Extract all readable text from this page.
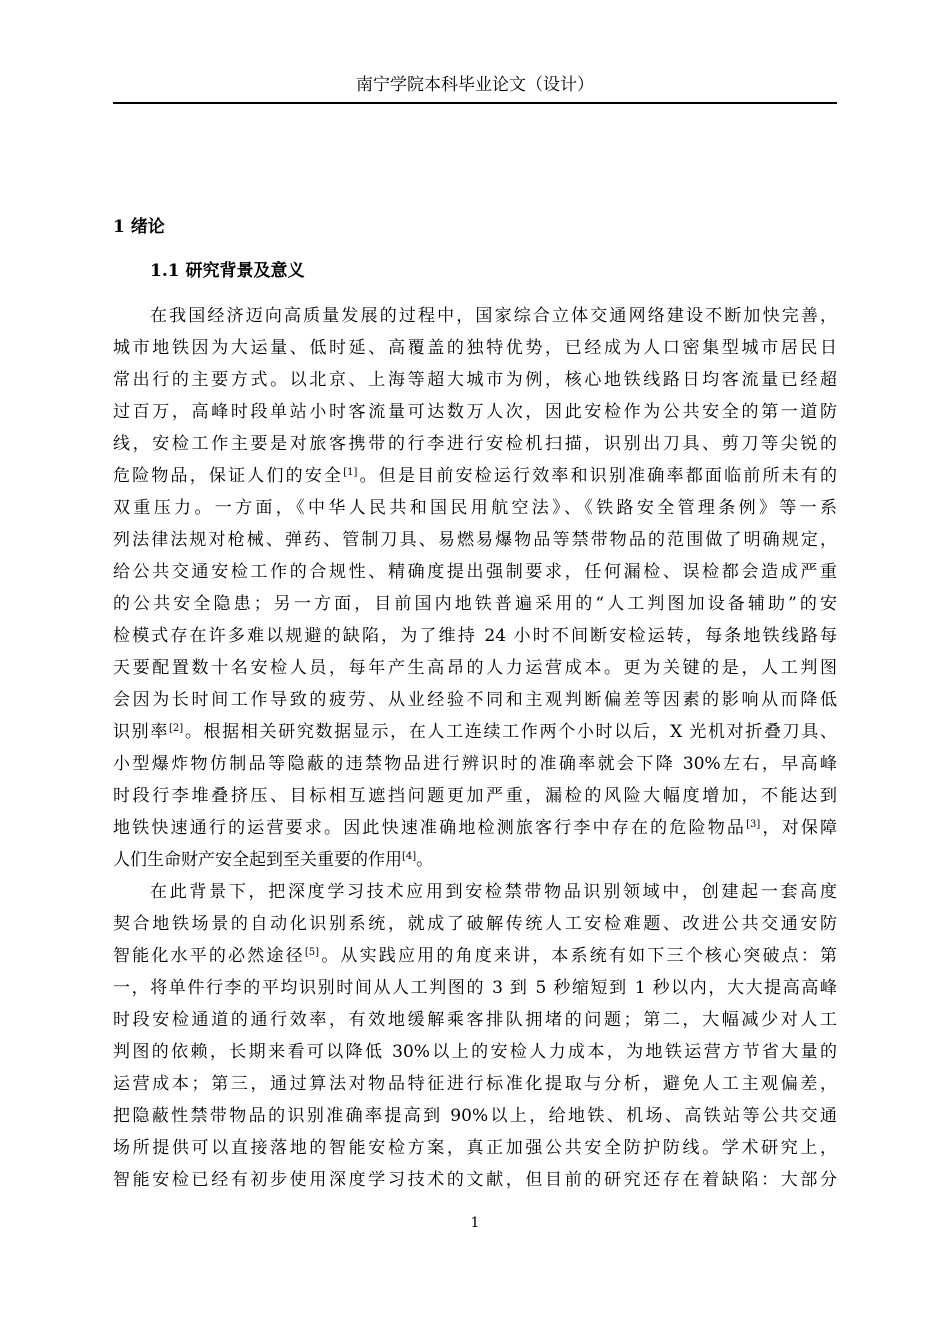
南宁学院本科毕业论文（设计）
1 绪论
1.1 研究背景及意义
在我国经济迈向高质量发展的过程中，国家综合立体交通网络建设不断加快完善，
城市地铁因为大运量、低时延、高覆盖的独特优势，已经成为人口密集型城市居民日
常出行的主要方式。以北京、上海等超大城市为例，核心地铁线路日均客流量已经超
过百万，高峰时段单站小时客流量可达数万人次，因此安检作为公共安全的第一道防
线，安检工作主要是对旅客携带的行李进行安检机扫描，识别出刀具、剪刀等尖锐的
危险物品，保证人们的安全[1]。但是目前安检运行效率和识别准确率都面临前所未有的
双重压力。一方面，《中华人民共和国民用航空法》、《铁路安全管理条例》等一系
列法律法规对枪械、弹药、管制刀具、易燃易爆物品等禁带物品的范围做了明确规定，
给公共交通安检工作的合规性、精确度提出强制要求，任何漏检、误检都会造成严重
的公共安全隐患；另一方面，目前国内地铁普遍采用的“人工判图加设备辅助”的安
检模式存在许多难以规避的缺陷，为了维持 24 小时不间断安检运转，每条地铁线路每
天要配置数十名安检人员，每年产生高昂的人力运营成本。更为关键的是，人工判图
会因为长时间工作导致的疲劳、从业经验不同和主观判断偏差等因素的影响从而降低
识别率[2]。根据相关研究数据显示，在人工连续工作两个小时以后，X 光机对折叠刀具、
小型爆炸物仿制品等隐蔽的违禁物品进行辨识时的准确率就会下降 30%左右，早高峰
时段行李堆叠挤压、目标相互遮挡问题更加严重，漏检的风险大幅度增加，不能达到
地铁快速通行的运营要求。因此快速准确地检测旅客行李中存在的危险物品[3]，对保障
人们生命财产安全起到至关重要的作用[4]。
在此背景下，把深度学习技术应用到安检禁带物品识别领域中，创建起一套高度
契合地铁场景的自动化识别系统，就成了破解传统人工安检难题、改进公共交通安防
智能化水平的必然途径[5]。从实践应用的角度来讲，本系统有如下三个核心突破点：第
一，将单件行李的平均识别时间从人工判图的 3 到 5 秒缩短到 1 秒以内，大大提高高峰
时段安检通道的通行效率，有效地缓解乘客排队拥堵的问题；第二，大幅减少对人工
判图的依赖，长期来看可以降低 30%以上的安检人力成本，为地铁运营方节省大量的
运营成本；第三，通过算法对物品特征进行标准化提取与分析，避免人工主观偏差，
把隐蔽性禁带物品的识别准确率提高到 90%以上，给地铁、机场、高铁站等公共交通
场所提供可以直接落地的智能安检方案，真正加强公共安全防护防线。学术研究上，
智能安检已经有初步使用深度学习技术的文献，但目前的研究还存在着缺陷：大部分
1
